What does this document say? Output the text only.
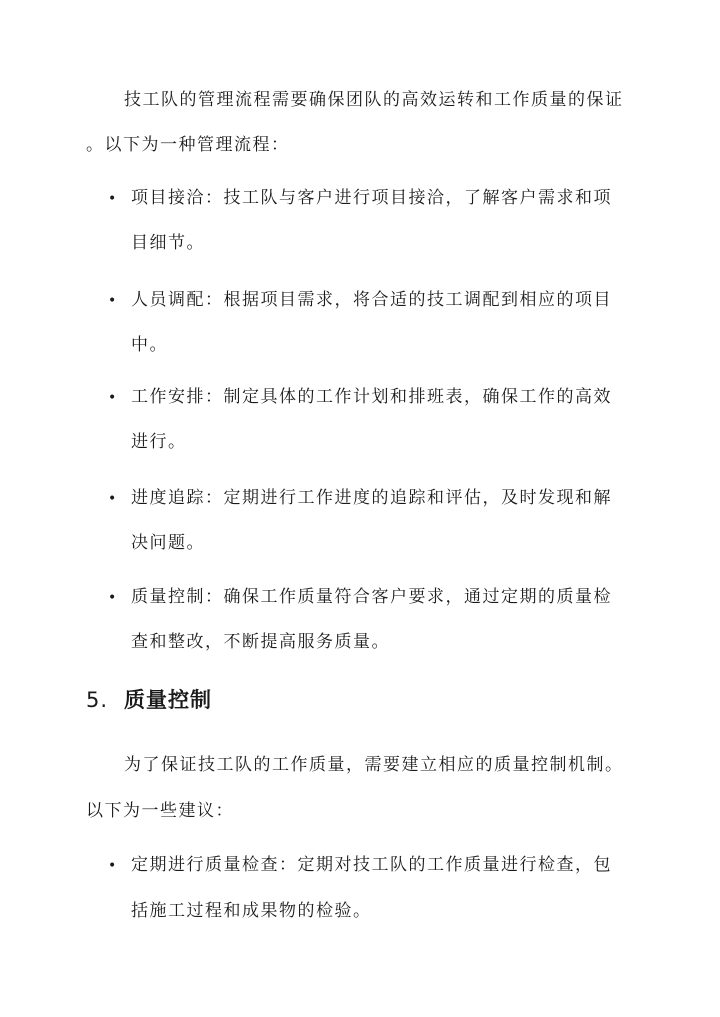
技工队的管理流程需要确保团队的高效运转和工作质量的保证
。以下为一种管理流程：
• 项目接洽：技工队与客户进行项目接洽，了解客户需求和项
目细节。
• 人员调配：根据项目需求，将合适的技工调配到相应的项目
中。
• 工作安排：制定具体的工作计划和排班表，确保工作的高效
进行。
• 进度追踪：定期进行工作进度的追踪和评估，及时发现和解
决问题。
• 质量控制：确保工作质量符合客户要求，通过定期的质量检
查和整改，不断提高服务质量。
5. 质量控制
为了保证技工队的工作质量，需要建立相应的质量控制机制。
以下为一些建议：
• 定期进行质量检查：定期对技工队的工作质量进行检查，包
括施工过程和成果物的检验。
